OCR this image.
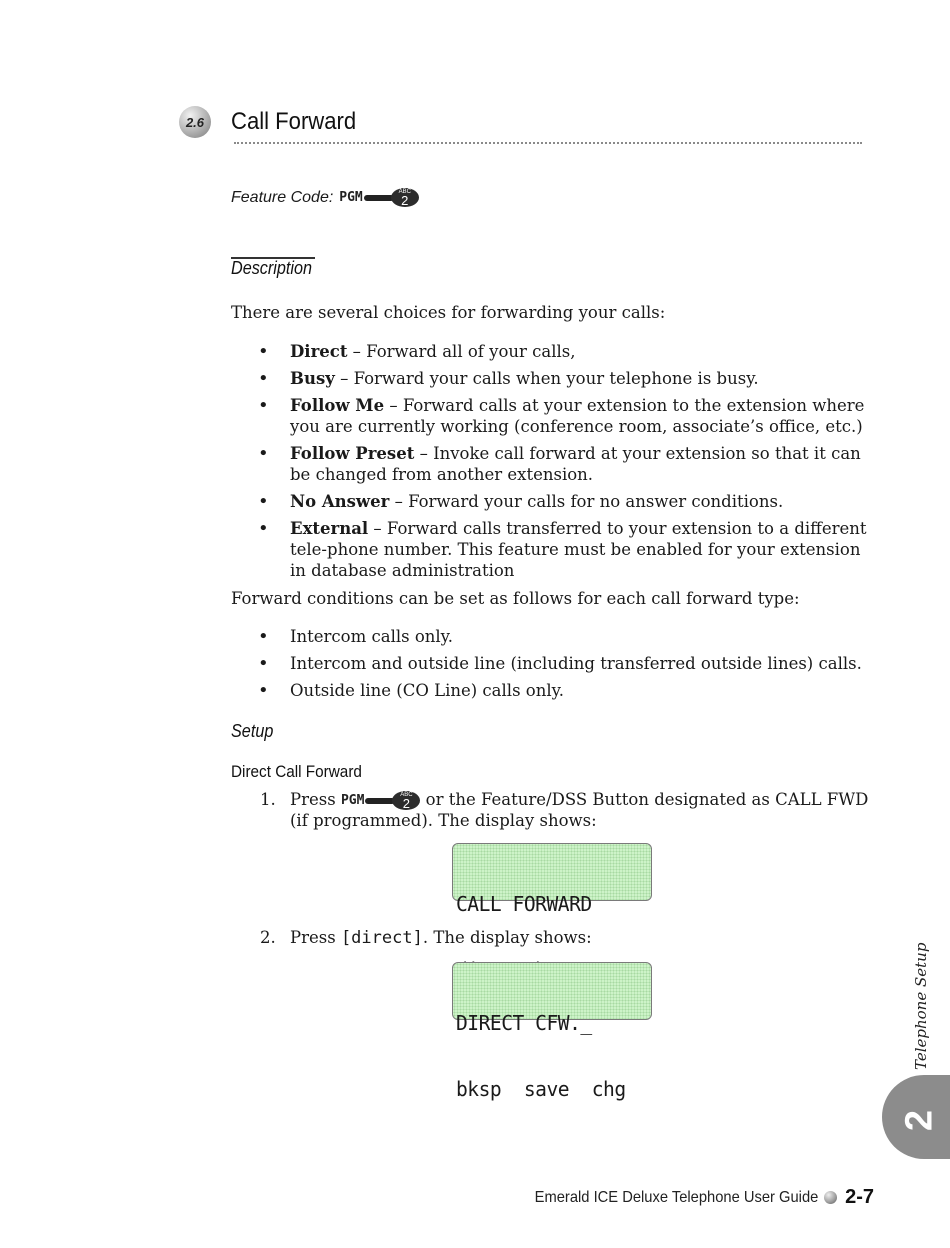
2.6 Call Forward
Feature Code: PGM	ABC
2
Description

There are several choices for forwarding your calls:

• Direct – Forward all of your calls,
• Busy – Forward your calls when your telephone is busy.
• Follow Me – Forward calls at your extension to the extension where you are currently working (conference room, associate’s office, etc.)
• Follow Preset – Invoke call forward at your extension so that it can be changed from another extension.
• No Answer – Forward your calls for no answer conditions.
• External – Forward calls transferred to your extension to a different tele-phone number. This feature must be enabled for your extension in database administration

Forward conditions can be set as follows for each call forward type:

• Intercom calls only.
• Intercom and outside line (including transferred outside lines) calls.
• Outside line (CO Line) calls only.
Setup
Direct Call Forward
1. Press PGM	ABC
2 or the Feature/DSS Button designated as CALL FWD (if programmed). The display shows:

CALL FORWARD

2. Press [direct]. The display shows:

DIRECT CFW._

bksp  save  chg

Telephone Setup
2
Emerald ICE Deluxe Telephone User Guide 2-7
